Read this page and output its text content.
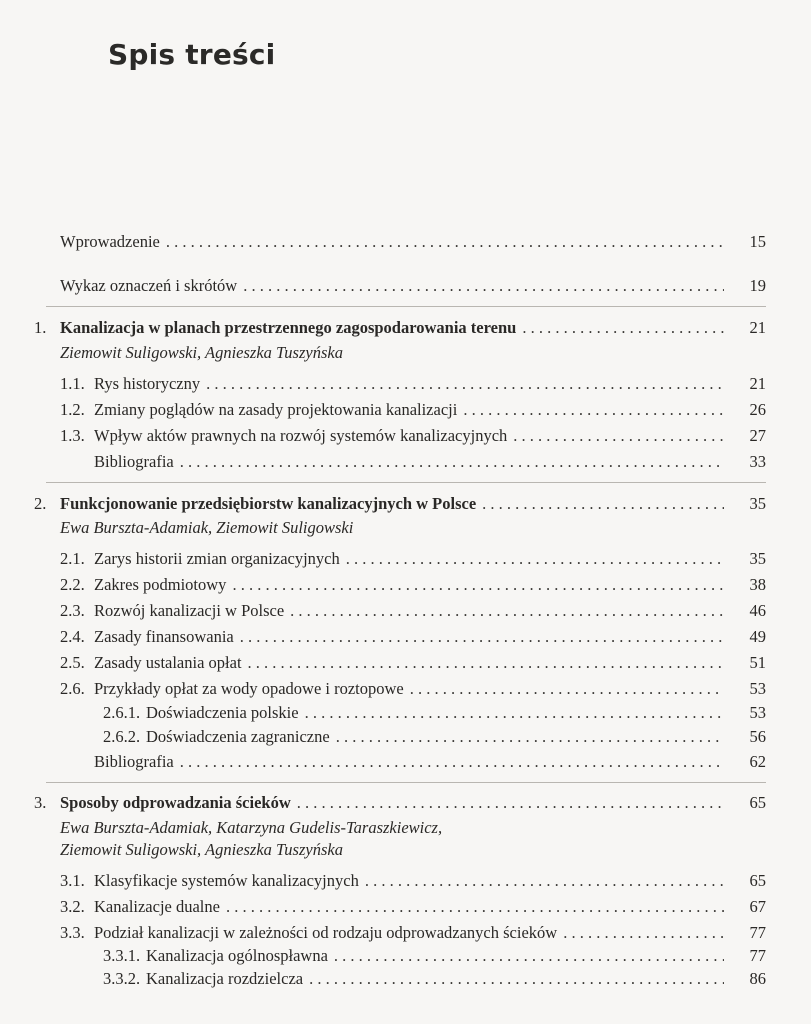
Spis treści
Wprowadzenie . . .	15
Wykaz oznaczeń i skrótów . . .	19
1. Kanalizacja w planach przestrzennego zagospodarowania terenu . . .	21
Ziemowit Suligowski, Agnieszka Tuszyńska
1.1. Rys historyczny . . .	21
1.2. Zmiany poglądów na zasady projektowania kanalizacji . . .	26
1.3. Wpływ aktów prawnych na rozwój systemów kanalizacyjnych . . .	27
Bibliografia . . .	33
2. Funkcjonowanie przedsiębiorstw kanalizacyjnych w Polsce . . .	35
Ewa Burszta-Adamiak, Ziemowit Suligowski
2.1. Zarys historii zmian organizacyjnych . . .	35
2.2. Zakres podmiotowy . . .	38
2.3. Rozwój kanalizacji w Polsce . . .	46
2.4. Zasady finansowania . . .	49
2.5. Zasady ustalania opłat . . .	51
2.6. Przykłady opłat za wody opadowe i roztopowe . . .	53
2.6.1. Doświadczenia polskie . . .	53
2.6.2. Doświadczenia zagraniczne . . .	56
Bibliografia . . .	62
3. Sposoby odprowadzania ścieków . . .	65
Ewa Burszta-Adamiak, Katarzyna Gudelis-Taraszkiewicz,
Ziemowit Suligowski, Agnieszka Tuszyńska
3.1. Klasyfikacje systemów kanalizacyjnych . . .	65
3.2. Kanalizacje dualne . . .	67
3.3. Podział kanalizacji w zależności od rodzaju odprowadzanych ścieków . . .	77
3.3.1. Kanalizacja ogólnospławna . . .	77
3.3.2. Kanalizacja rozdzielcza . . .	86
